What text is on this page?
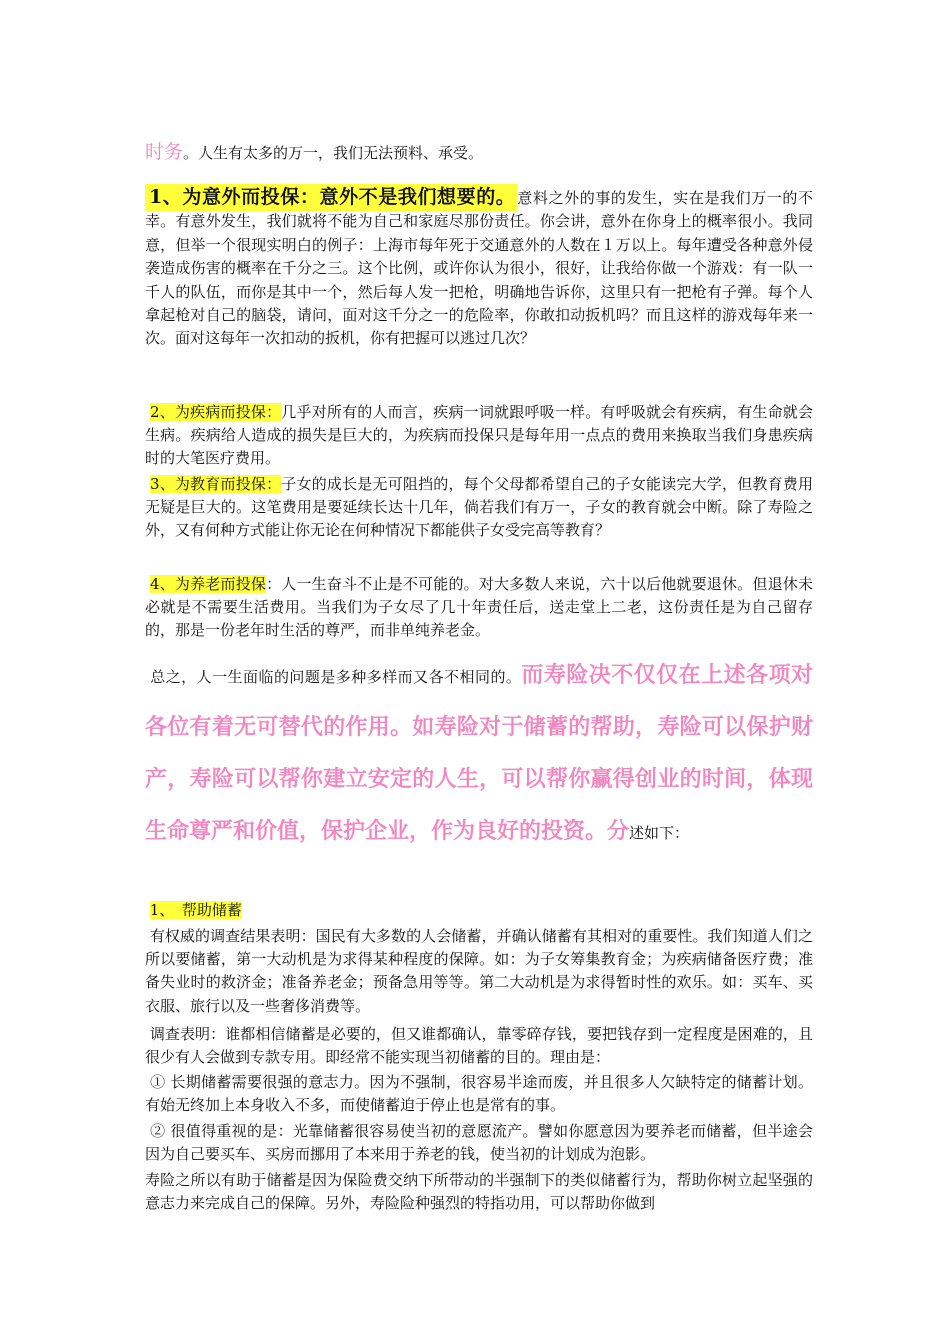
时务。人生有太多的万一，我们无法预料、承受。

1、为意外而投保：意外不是我们想要的。 意料之外的事的发生，实在是我们万一的不幸。有意外发生，我们就将不能为自己和家庭尽那份责任。你会讲，意外在你身上的概率很小。我同意，但举一个很现实明白的例子：上海市每年死于交通意外的人数在１万以上。每年遭受各种意外侵袭造成伤害的概率在千分之三。这个比例，或许你认为很小，很好，让我给你做一个游戏：有一队一千人的队伍，而你是其中一个，然后每人发一把枪，明确地告诉你，这里只有一把枪有子弹。每个人拿起枪对自己的脑袋，请问，面对这千分之一的危险率，你敢扣动扳机吗？而且这样的游戏每年来一次。面对这每年一次扣动的扳机，你有把握可以逃过几次？

2、为疾病而投保：几乎对所有的人而言，疾病一词就跟呼吸一样。有呼吸就会有疾病，有生命就会生病。疾病给人造成的损失是巨大的，为疾病而投保只是每年用一点点的费用来换取当我们身患疾病时的大笔医疗费用。

3、为教育而投保：子女的成长是无可阻挡的，每个父母都希望自己的子女能读完大学，但教育费用无疑是巨大的。这笔费用是要延续长达十几年，倘若我们有万一，子女的教育就会中断。除了寿险之外，又有何种方式能让你无论在何种情况下都能供子女受完高等教育？

4、为养老而投保：人一生奋斗不止是不可能的。对大多数人来说，六十以后他就要退休。但退休未必就是不需要生活费用。当我们为子女尽了几十年责任后，送走堂上二老，这份责任是为自己留存的，那是一份老年时生活的尊严，而非单纯养老金。

总之，人一生面临的问题是多种多样而又各不相同的。而寿险决不仅仅在上述各项对各位有着无可替代的作用。如寿险对于储蓄的帮助，寿险可以保护财产，寿险可以帮你建立安定的人生，可以帮你赢得创业的时间，体现生命尊严和价值，保护企业，作为良好的投资。分述如下：

1、　帮助储蓄

有权威的调查结果表明：国民有大多数的人会储蓄，并确认储蓄有其相对的重要性。我们知道人们之所以要储蓄，第一大动机是为求得某种程度的保障。如：为子女筹集教育金；为疾病储备医疗费；准备失业时的救济金；准备养老金；预备急用等等。第二大动机是为求得暂时性的欢乐。如：买车、买衣服、旅行以及一些奢侈消费等。

调查表明：谁都相信储蓄是必要的，但又谁都确认，靠零碎存钱，要把钱存到一定程度是困难的，且很少有人会做到专款专用。即经常不能实现当初储蓄的目的。理由是：

① 长期储蓄需要很强的意志力。因为不强制，很容易半途而废，并且很多人欠缺特定的储蓄计划。有始无终加上本身收入不多，而使储蓄迫于停止也是常有的事。

② 很值得重视的是：光靠储蓄很容易使当初的意愿流产。譬如你愿意因为要养老而储蓄，但半途会因为自己要买车、买房而挪用了本来用于养老的钱，使当初的计划成为泡影。

寿险之所以有助于储蓄是因为保险费交纳下所带动的半强制下的类似储蓄行为，帮助你树立起坚强的意志力来完成自己的保障。另外，寿险险种强烈的特指功用，可以帮助你做到
